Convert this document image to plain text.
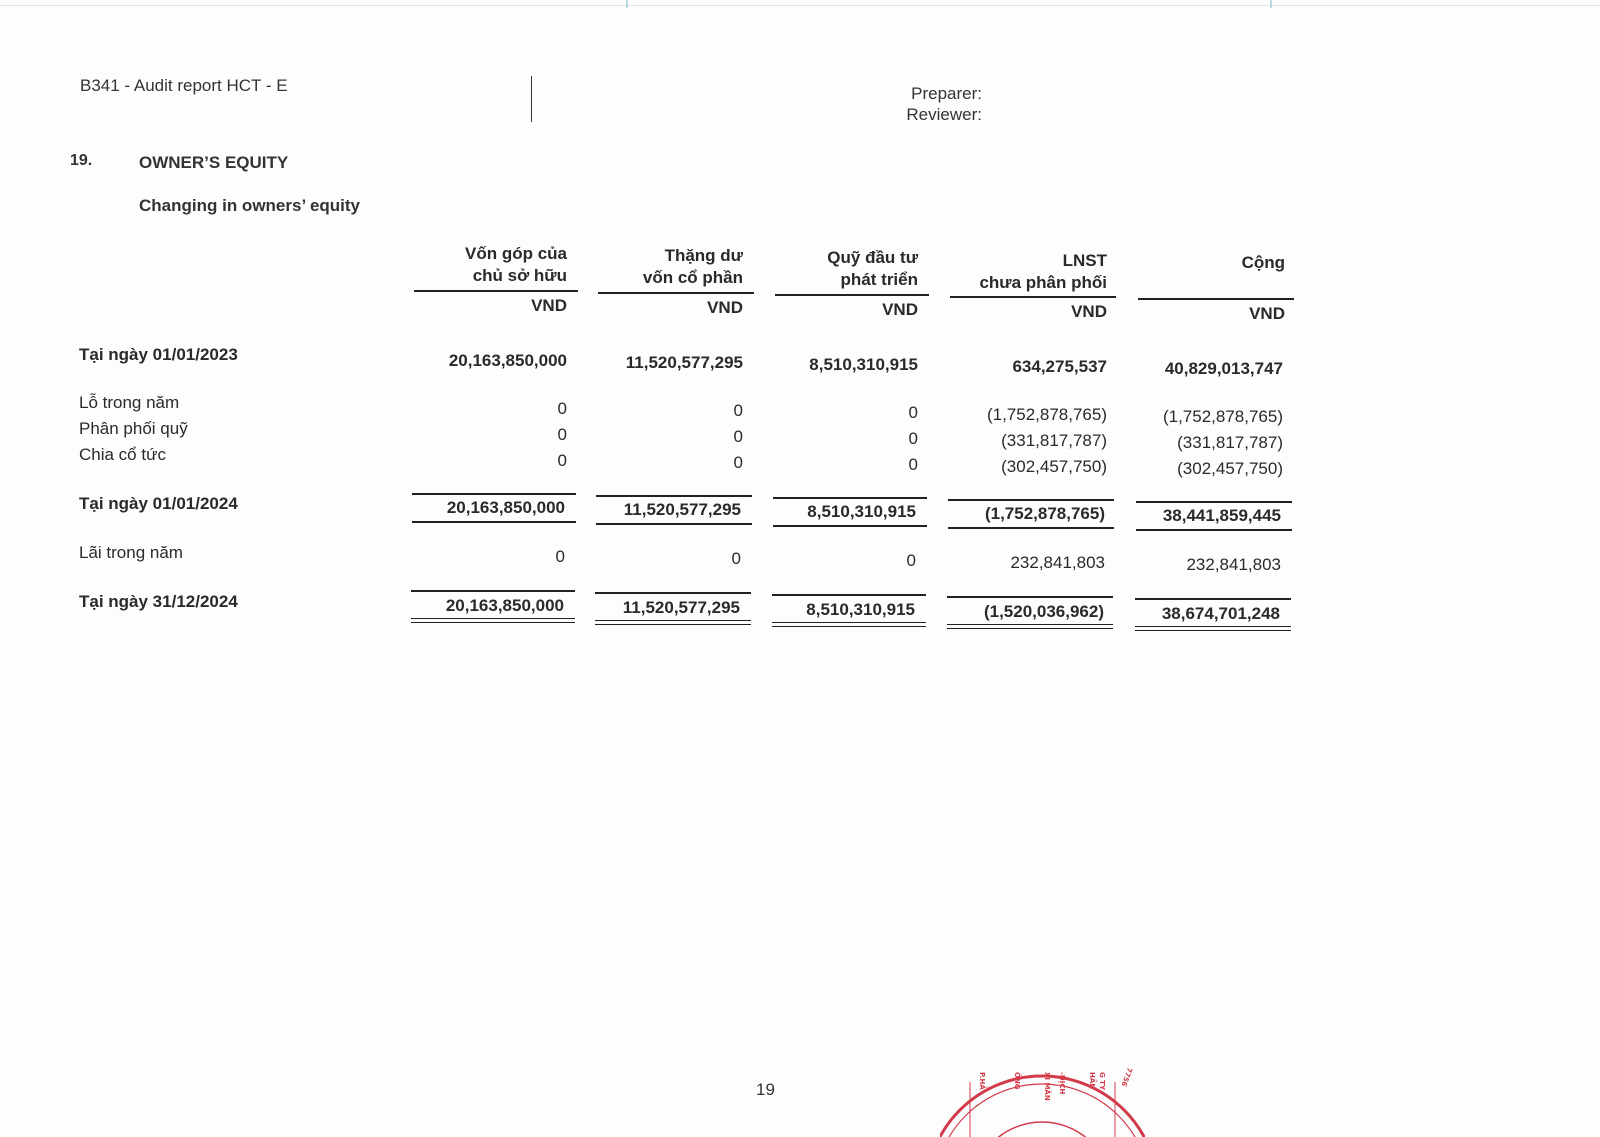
B341 - Audit report HCT - E	Preparer:
Reviewer:
19.	OWNER’S EQUITY
Changing in owners’ equity
Vốn góp của
chủ sở hữu
Thặng dư
vốn cổ phần
Quỹ đầu tư
phát triển
LNST
chưa phân phối
Cộng
VND	VND	VND	VND	VND
Tại ngày 01/01/2023	20,163,850,000	11,520,577,295	8,510,310,915	634,275,537	40,829,013,747
Lỗ trong năm	0	0	0	(1,752,878,765)	(1,752,878,765)
Phân phối quỹ	0	0	0	(331,817,787)	(331,817,787)
Chia cổ tức	0	0	0	(302,457,750)	(302,457,750)
Tại ngày 01/01/2024	20,163,850,000	11,520,577,295	8,510,310,915	(1,752,878,765)	38,441,859,445
Lãi trong năm	0	0	0	232,841,803	232,841,803
Tại ngày 31/12/2024	20,163,850,000	11,520,577,295	8,510,310,915	(1,520,036,962)	38,674,701,248
19	G TY
HẦN
-DỊCH
XI MĂN
ÔNG
P.HẢ	7756
